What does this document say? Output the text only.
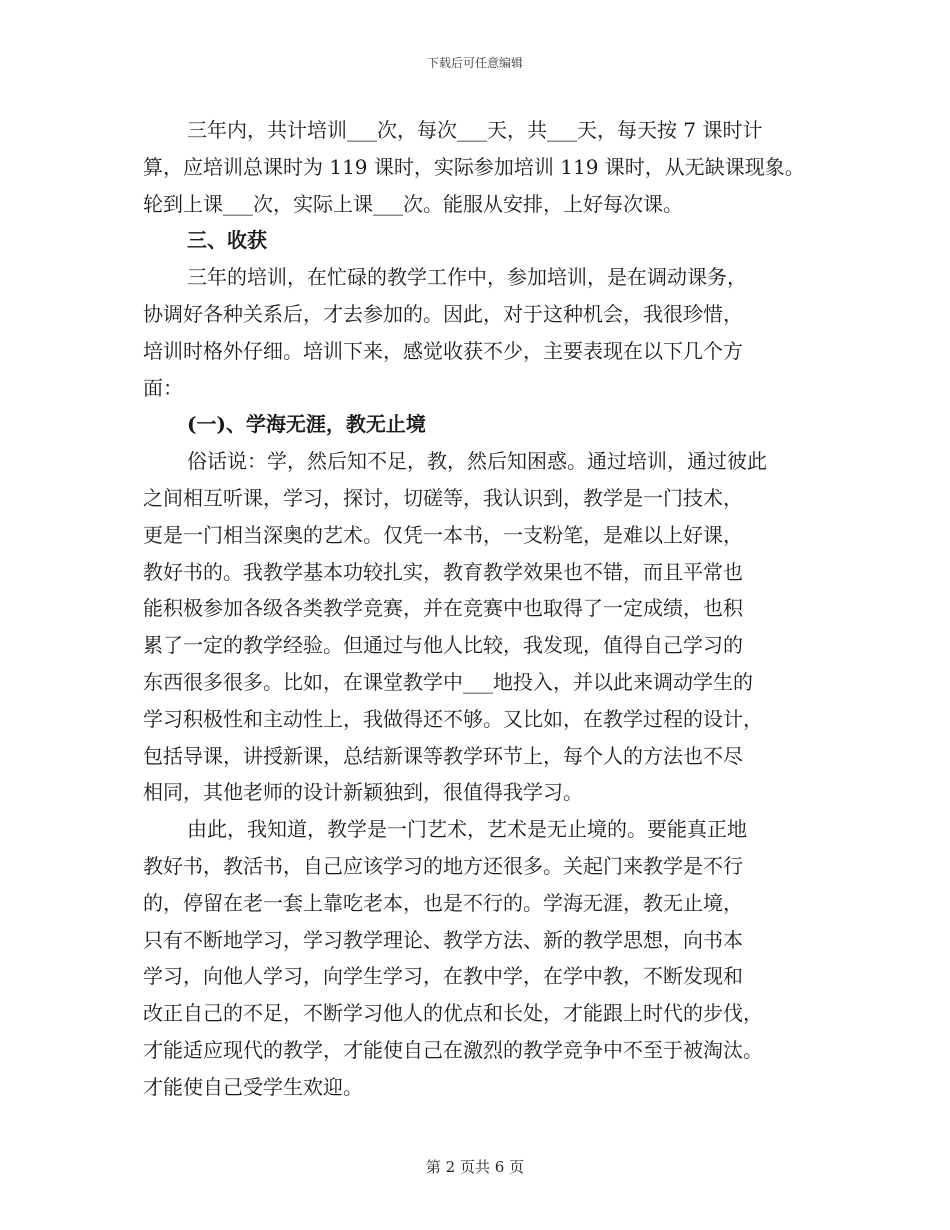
下载后可任意编辑

三年内，共计培训___次，每次___天，共___天，每天按 7 课时计

算，应培训总课时为 119 课时，实际参加培训 119 课时，从无缺课现象。

轮到上课___次，实际上课___次。能服从安排，上好每次课。

三、收获

三年的培训，在忙碌的教学工作中，参加培训，是在调动课务，

协调好各种关系后，才去参加的。因此，对于这种机会，我很珍惜，

培训时格外仔细。培训下来，感觉收获不少，主要表现在以下几个方

面：

(一)、学海无涯，教无止境

俗话说：学，然后知不足，教，然后知困惑。通过培训，通过彼此

之间相互听课，学习，探讨，切磋等，我认识到，教学是一门技术，

更是一门相当深奥的艺术。仅凭一本书，一支粉笔，是难以上好课，

教好书的。我教学基本功较扎实，教育教学效果也不错，而且平常也

能积极参加各级各类教学竞赛，并在竞赛中也取得了一定成绩，也积

累了一定的教学经验。但通过与他人比较，我发现，值得自己学习的

东西很多很多。比如，在课堂教学中___地投入，并以此来调动学生的

学习积极性和主动性上，我做得还不够。又比如，在教学过程的设计，

包括导课，讲授新课，总结新课等教学环节上，每个人的方法也不尽

相同，其他老师的设计新颖独到，很值得我学习。

由此，我知道，教学是一门艺术，艺术是无止境的。要能真正地

教好书，教活书，自己应该学习的地方还很多。关起门来教学是不行

的，停留在老一套上靠吃老本，也是不行的。学海无涯，教无止境，

只有不断地学习，学习教学理论、教学方法、新的教学思想，向书本

学习，向他人学习，向学生学习，在教中学，在学中教，不断发现和

改正自己的不足，不断学习他人的优点和长处，才能跟上时代的步伐，

才能适应现代的教学，才能使自己在激烈的教学竞争中不至于被淘汰。

才能使自己受学生欢迎。

第 2 页共 6 页
